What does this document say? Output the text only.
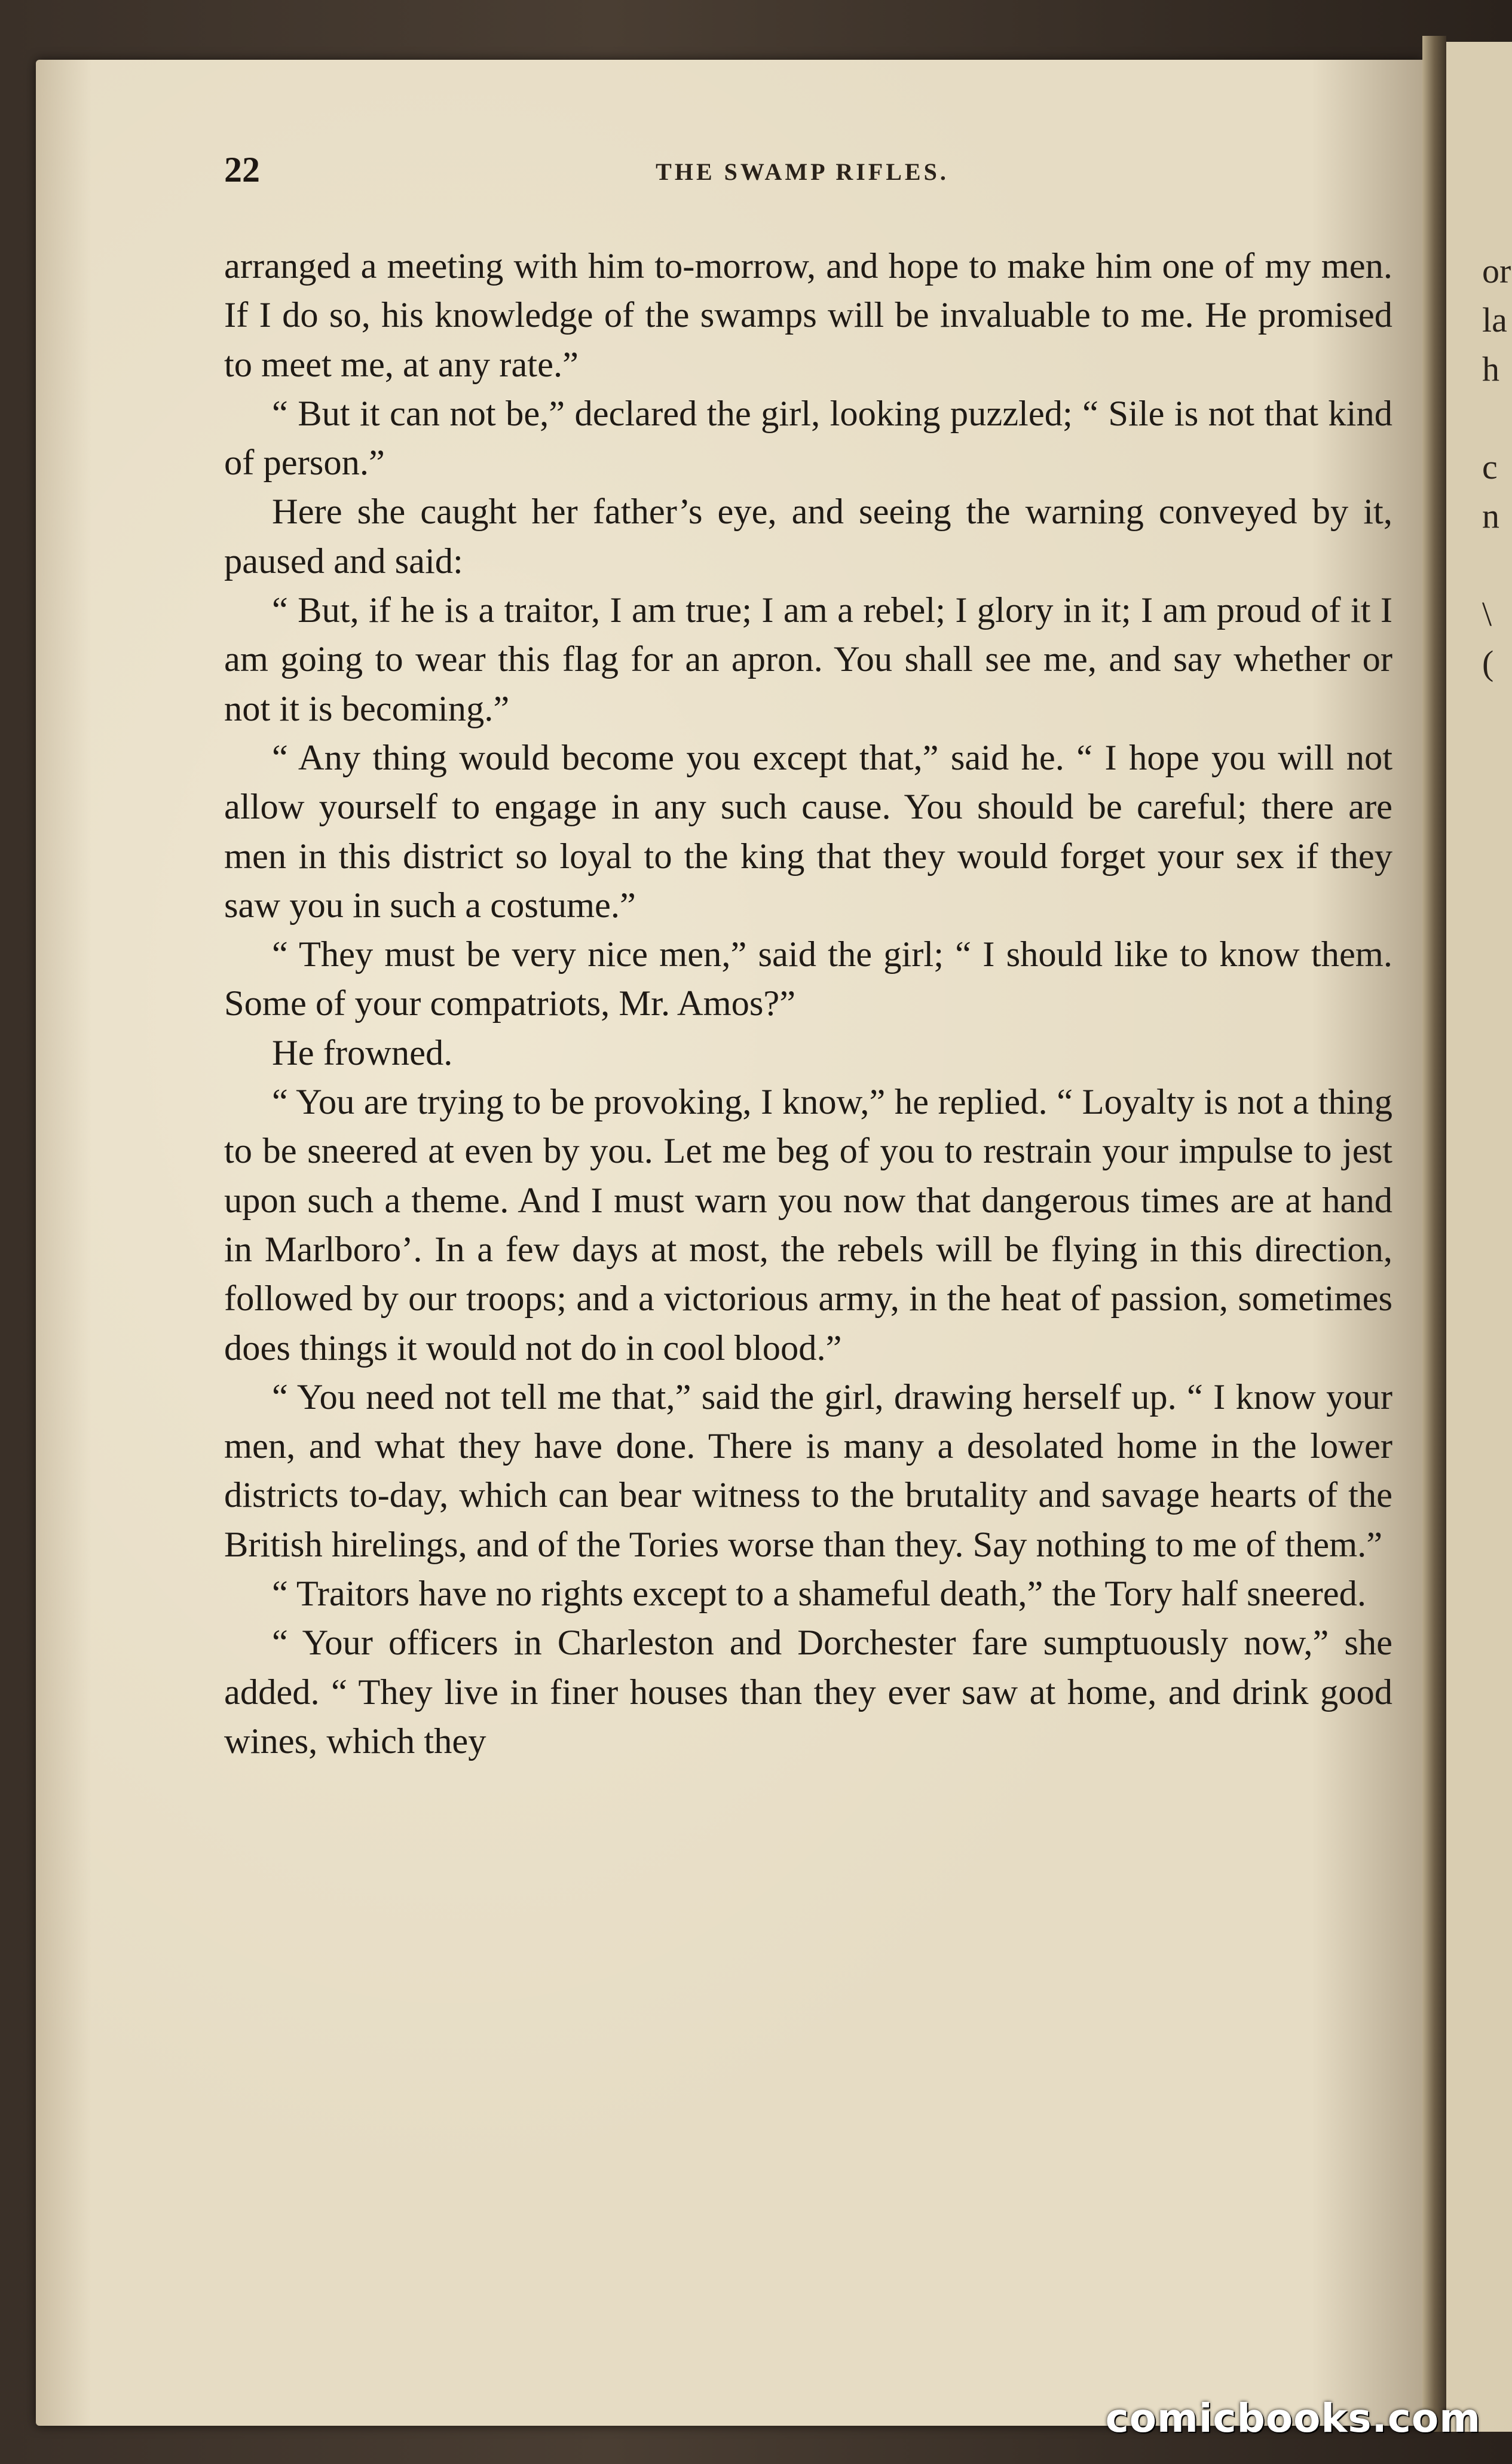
or
la
h
c
n
\
(
22	THE SWAMP RIFLES.

arranged a meeting with him to-morrow, and hope to make him one of my men. If I do so, his knowledge of the swamps will be invaluable to me. He promised to meet me, at any rate.”

“ But it can not be,” declared the girl, looking puzzled; “ Sile is not that kind of person.”

Here she caught her father’s eye, and seeing the warning conveyed by it, paused and said:

“ But, if he is a traitor, I am true; I am a rebel; I glory in it; I am proud of it I am going to wear this flag for an apron. You shall see me, and say whether or not it is becoming.”

“ Any thing would become you except that,” said he. “ I hope you will not allow yourself to engage in any such cause. You should be careful; there are men in this district so loyal to the king that they would forget your sex if they saw you in such a costume.”

“ They must be very nice men,” said the girl; “ I should like to know them. Some of your compatriots, Mr. Amos?”

He frowned.

“ You are trying to be provoking, I know,” he replied. “ Loyalty is not a thing to be sneered at even by you. Let me beg of you to restrain your impulse to jest upon such a theme. And I must warn you now that dangerous times are at hand in Marlboro’. In a few days at most, the rebels will be flying in this direction, followed by our troops; and a victorious army, in the heat of passion, sometimes does things it would not do in cool blood.”

“ You need not tell me that,” said the girl, drawing herself up. “ I know your men, and what they have done. There is many a desolated home in the lower districts to-day, which can bear witness to the brutality and savage hearts of the British hirelings, and of the Tories worse than they. Say nothing to me of them.”

“ Traitors have no rights except to a shameful death,” the Tory half sneered.

“ Your officers in Charleston and Dorchester fare sumptuously now,” she added. “ They live in finer houses than they ever saw at home, and drink good wines, which they

comicbooks.com
